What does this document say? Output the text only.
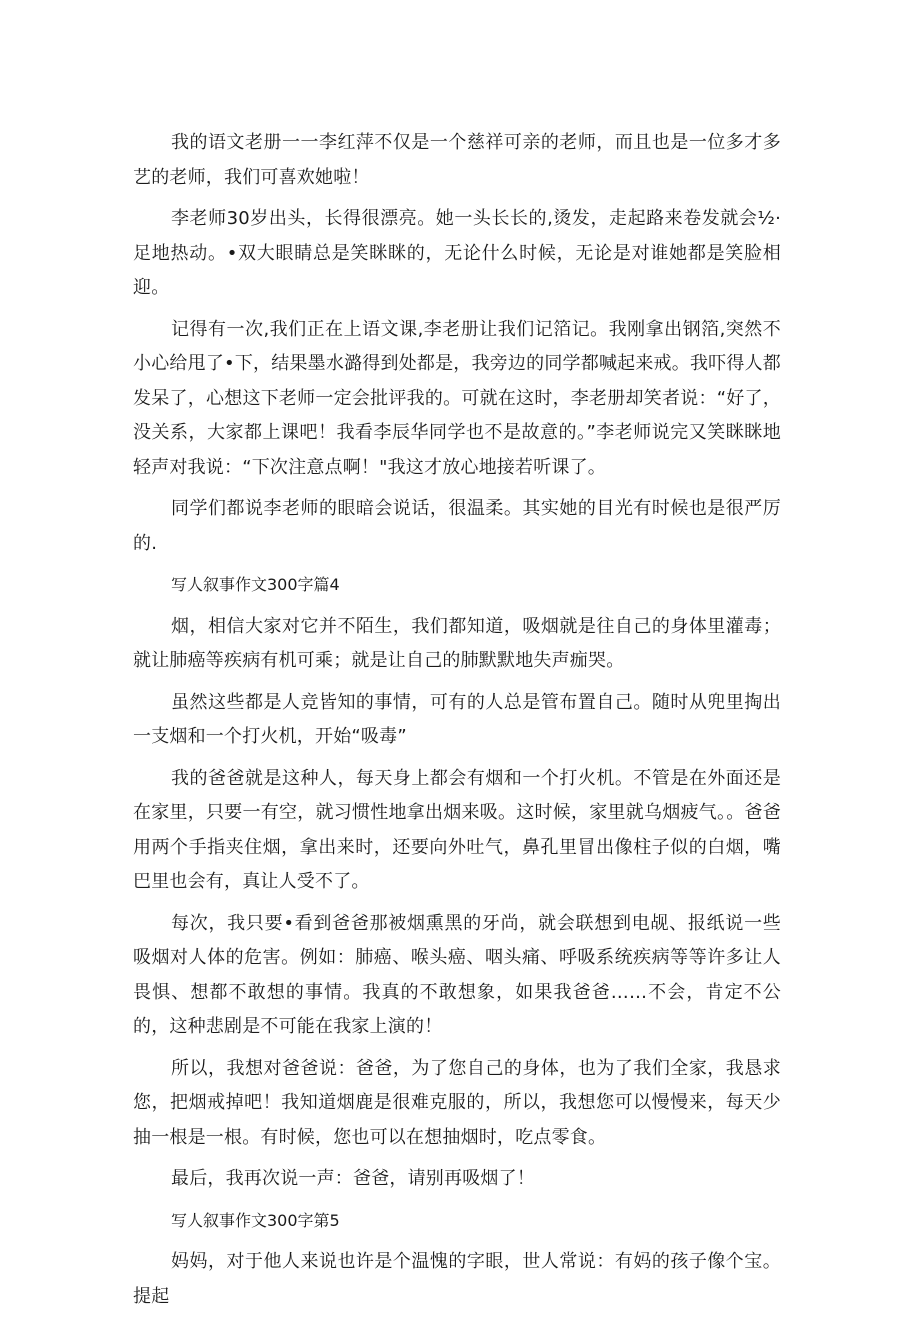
我的语文老册一一李红萍不仅是一个慈祥可亲的老师，而且也是一位多才多艺的老师，我们可喜欢她啦！

李老师30岁出头，长得很漂亮。她一头长长的,烫发，走起路来卷发就会½·足地热动。•双大眼睛总是笑眯眯的，无论什么时候，无论是对谁她都是笑脸相迎。

记得有一次,我们正在上语文课,李老册让我们记箔记。我刚拿出钢箔,突然不小心给甩了•下，结果墨水潞得到处都是，我旁边的同学都喊起来戒。我吓得人都发呆了，心想这下老师一定会批评我的。可就在这时，李老册却笑者说：“好了，没关系，大家都上课吧！我看李辰华同学也不是故意的。”李老师说完又笑眯眯地轻声对我说：“下次注意点啊！"我这才放心地接若听课了。

同学们都说李老师的眼暗会说话，很温柔。其实她的目光有时候也是很严厉的.

写人叙事作文300字篇4

烟，相信大家对它并不陌生，我们都知道，吸烟就是往自己的身体里灌毒；就让肺癌等疾病有机可乘；就是让自己的肺默默地失声痂哭。

虽然这些都是人竞皆知的事情，可有的人总是管布置自己。随时从兜里掏出一支烟和一个打火机，开始“吸毒”

我的爸爸就是这种人，每天身上都会有烟和一个打火机。不管是在外面还是在家里，只要一有空，就习惯性地拿出烟来吸。这时候，家里就乌烟疲气。。爸爸用两个手指夹住烟，拿出来时，还要向外吐气，鼻孔里冒出像柱子似的白烟，嘴巴里也会有，真让人受不了。

每次，我只要•看到爸爸那被烟熏黑的牙尚，就会联想到电觇、报纸说一些吸烟对人体的危害。例如：肺癌、喉头癌、咽头痛、呼吸系统疾病等等许多让人畏惧、想都不敢想的事情。我真的不敢想象，如果我爸爸……不会，肯定不公的，这种悲剧是不可能在我家上演的！

所以，我想对爸爸说：爸爸，为了您自己的身体，也为了我们全家，我恳求您，把烟戒掉吧！我知道烟鹿是很难克服的，所以，我想您可以慢慢来，每天少抽一根是一根。有时候，您也可以在想抽烟时，吃点零食。

最后，我再次说一声：爸爸，请别再吸烟了！

写人叙事作文300字第5

妈妈，对于他人来说也许是个温愧的字眼，世人常说：有妈的孩子像个宝。提起
